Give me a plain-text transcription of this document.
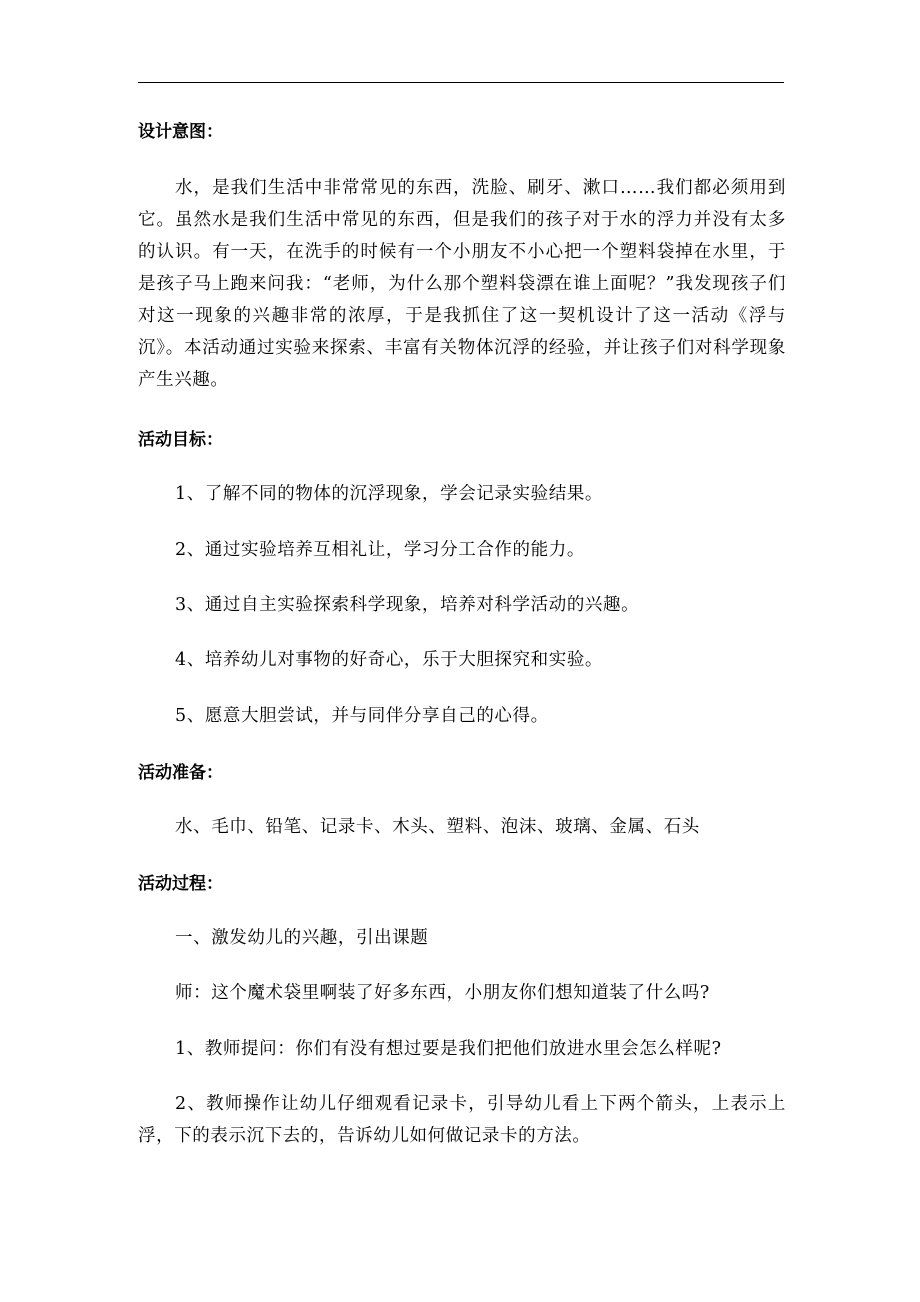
设计意图：
水，是我们生活中非常常见的东西，洗脸、刷牙、漱口……我们都必须用到它。虽然水是我们生活中常见的东西，但是我们的孩子对于水的浮力并没有太多的认识。有一天，在洗手的时候有一个小朋友不小心把一个塑料袋掉在水里，于是孩子马上跑来问我：“老师，为什么那个塑料袋漂在谁上面呢？”我发现孩子们对这一现象的兴趣非常的浓厚，于是我抓住了这一契机设计了这一活动《浮与沉》。本活动通过实验来探索、丰富有关物体沉浮的经验，并让孩子们对科学现象产生兴趣。
活动目标：
1、了解不同的物体的沉浮现象，学会记录实验结果。
2、通过实验培养互相礼让，学习分工合作的能力。
3、通过自主实验探索科学现象，培养对科学活动的兴趣。
4、培养幼儿对事物的好奇心，乐于大胆探究和实验。
5、愿意大胆尝试，并与同伴分享自己的心得。
活动准备：
水、毛巾、铅笔、记录卡、木头、塑料、泡沫、玻璃、金属、石头
活动过程：
一、激发幼儿的兴趣，引出课题
师：这个魔术袋里啊装了好多东西，小朋友你们想知道装了什么吗?
1、教师提问：你们有没有想过要是我们把他们放进水里会怎么样呢?
2、教师操作让幼儿仔细观看记录卡，引导幼儿看上下两个箭头，上表示上浮，下的表示沉下去的，告诉幼儿如何做记录卡的方法。
